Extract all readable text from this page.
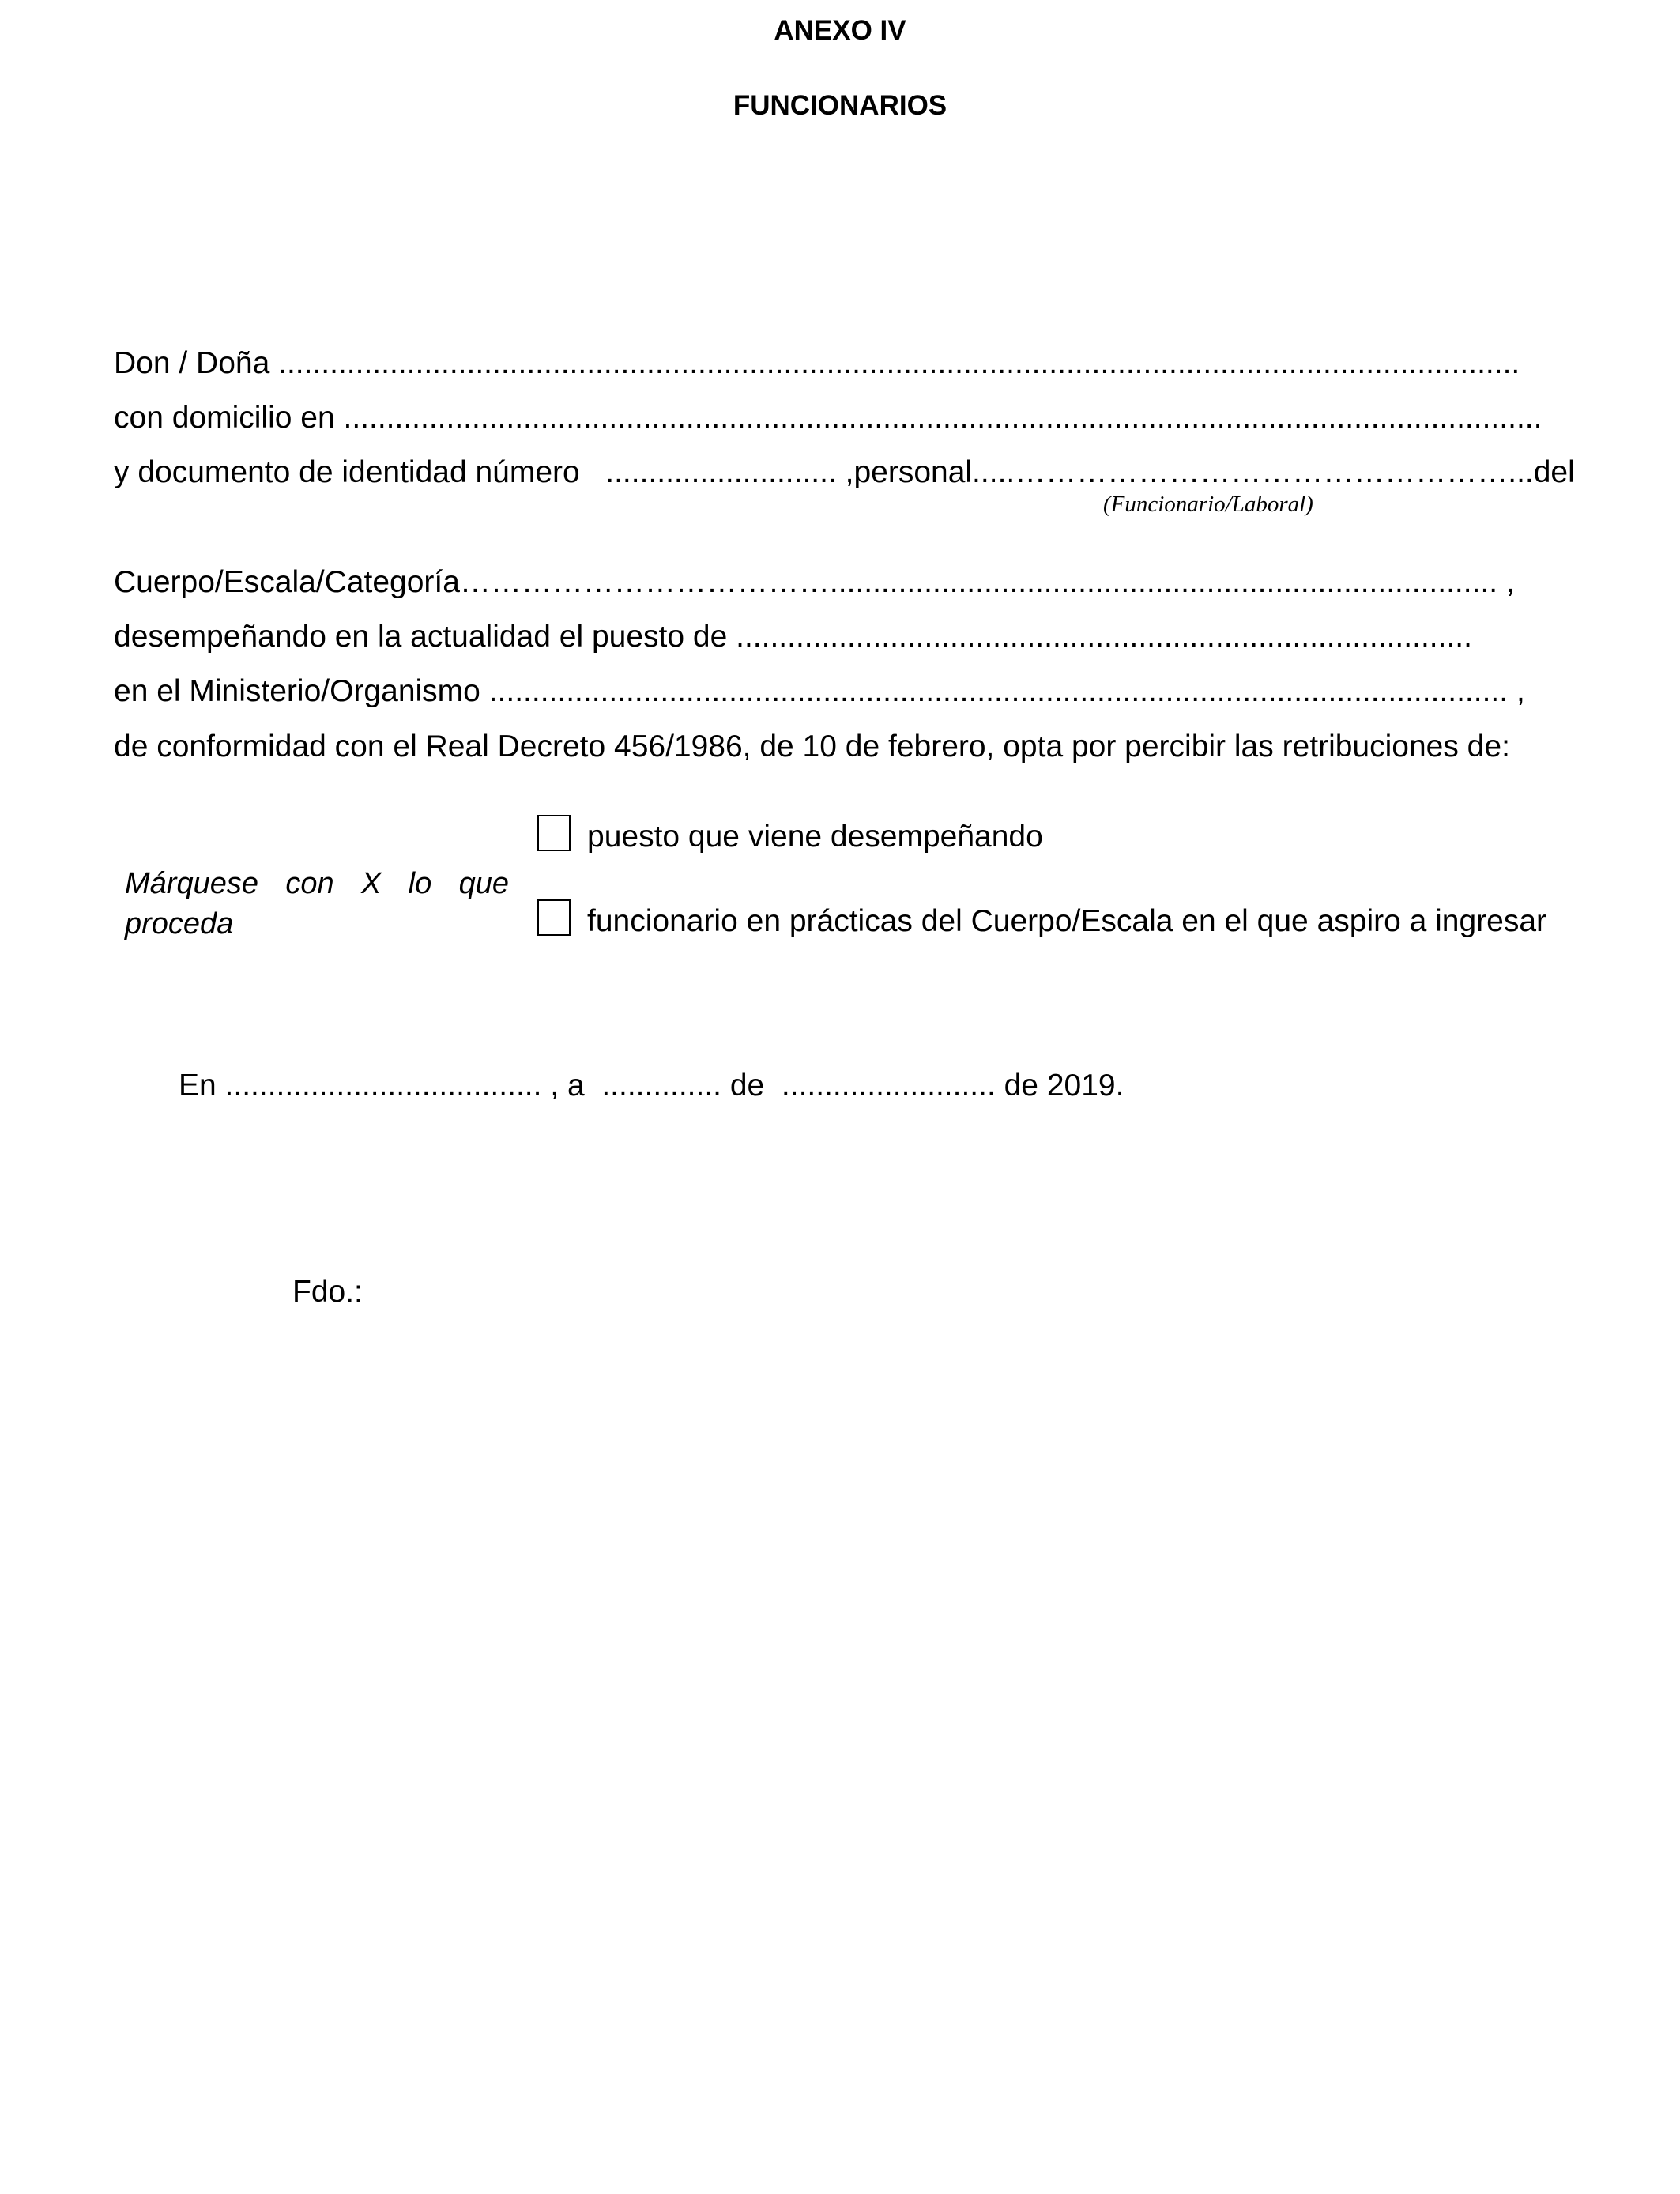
ANEXO IV
FUNCIONARIOS
Don / Doña .................................................................................................................................................
con domicilio en ............................................................................................................................................
y documento de identidad número   ........................... ,personal.....…………………………………………...del
(Funcionario/Laboral)
Cuerpo/Escala/Categoría……………………………….............................................................................. ,
desempeñando en la actualidad el puesto de ......................................................................................
en el Ministerio/Organismo ....................................................................................................................... ,
de conformidad con el Real Decreto 456/1986, de 10 de febrero, opta por percibir las retribuciones de:
Márquese con X lo que proceda
puesto que viene desempeñando
funcionario en prácticas del Cuerpo/Escala en el que aspiro a ingresar
En ..................................... , a  .............. de  ......................... de 2019.
Fdo.:
